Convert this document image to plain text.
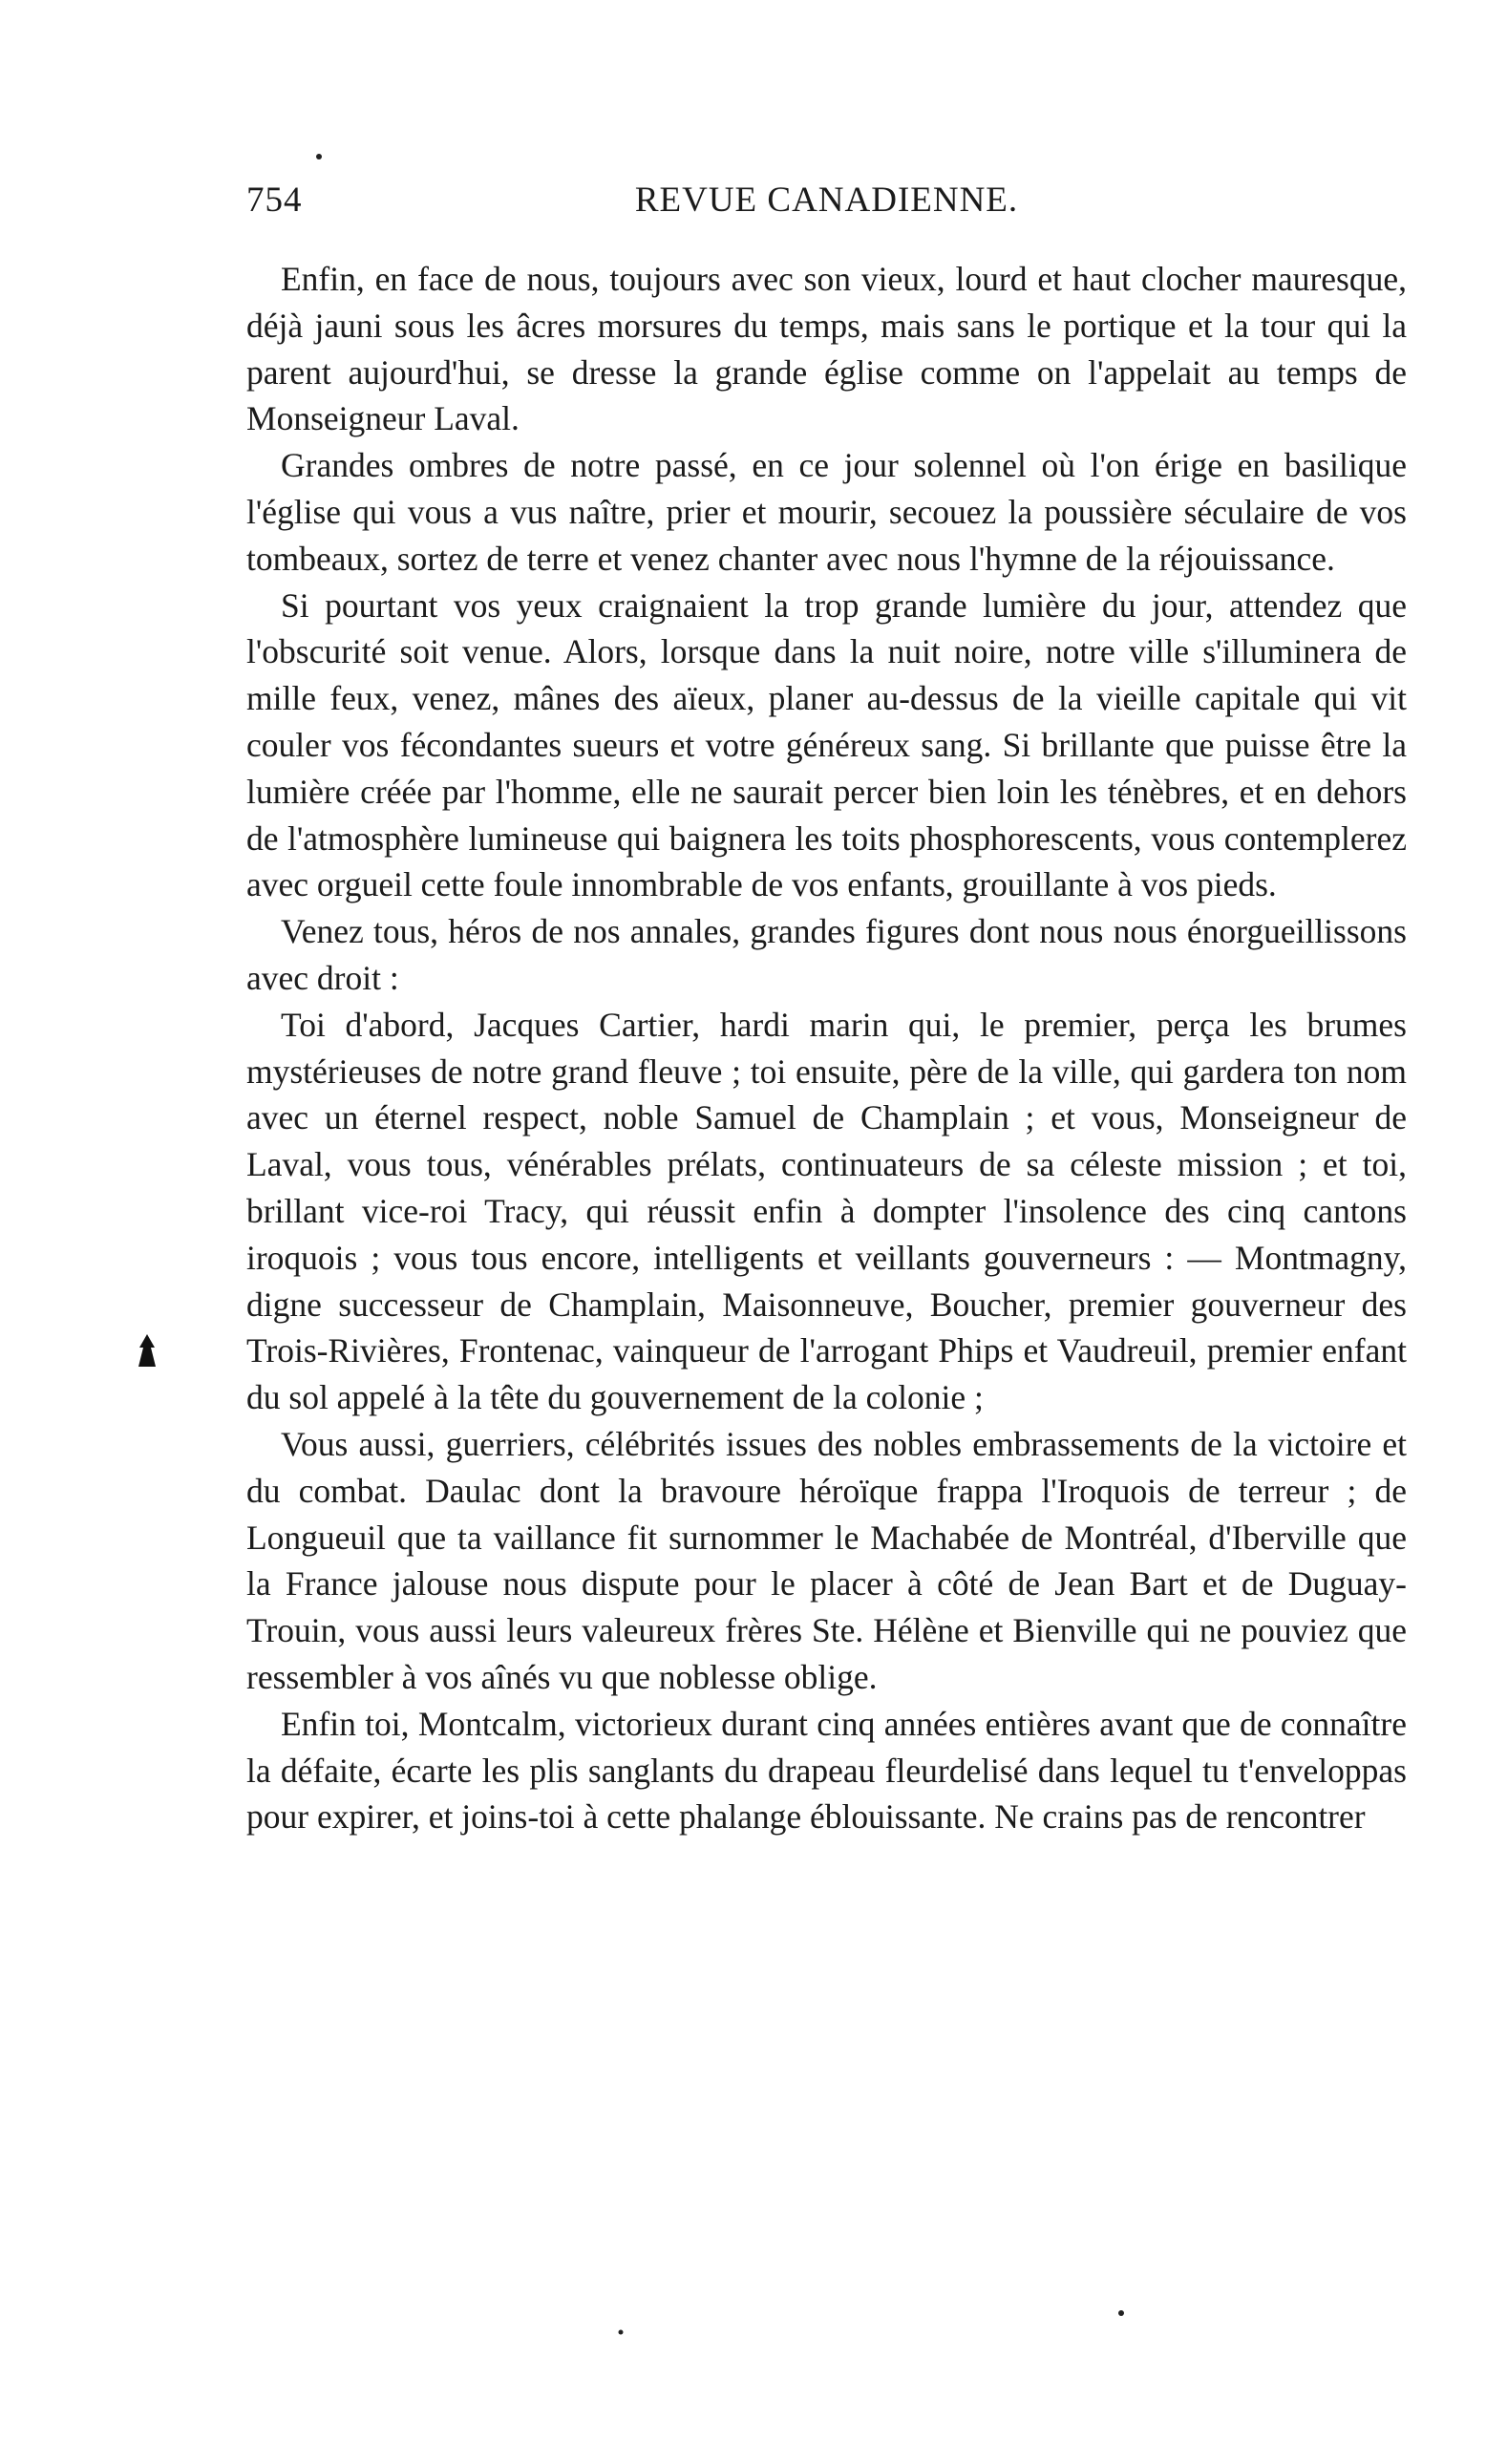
754	REVUE CANADIENNE.

Enfin, en face de nous, toujours avec son vieux, lourd et haut clocher mauresque, déjà jauni sous les âcres morsures du temps, mais sans le portique et la tour qui la parent aujourd'hui, se dresse la grande église comme on l'appelait au temps de Monseigneur Laval.

Grandes ombres de notre passé, en ce jour solennel où l'on érige en basilique l'église qui vous a vus naître, prier et mourir, secouez la poussière séculaire de vos tombeaux, sortez de terre et venez chanter avec nous l'hymne de la réjouissance.

Si pourtant vos yeux craignaient la trop grande lumière du jour, attendez que l'obscurité soit venue. Alors, lorsque dans la nuit noire, notre ville s'illuminera de mille feux, venez, mânes des aïeux, planer au-dessus de la vieille capitale qui vit couler vos fécondantes sueurs et votre généreux sang. Si brillante que puisse être la lumière créée par l'homme, elle ne saurait percer bien loin les ténèbres, et en dehors de l'atmosphère lumineuse qui baignera les toits phosphorescents, vous contemplerez avec orgueil cette foule innombrable de vos enfants, grouillante à vos pieds.

Venez tous, héros de nos annales, grandes figures dont nous nous énorgueillissons avec droit :

Toi d'abord, Jacques Cartier, hardi marin qui, le premier, perça les brumes mystérieuses de notre grand fleuve ; toi ensuite, père de la ville, qui gardera ton nom avec un éternel respect, noble Samuel de Champlain ; et vous, Monseigneur de Laval, vous tous, vénérables prélats, continuateurs de sa céleste mission ; et toi, brillant vice-roi Tracy, qui réussit enfin à dompter l'insolence des cinq cantons iroquois ; vous tous encore, intelligents et veillants gouverneurs : — Montmagny, digne successeur de Champlain, Maisonneuve, Boucher, premier gouverneur des Trois-Rivières, Frontenac, vainqueur de l'arrogant Phips et Vaudreuil, premier enfant du sol appelé à la tête du gouvernement de la colonie ;

Vous aussi, guerriers, célébrités issues des nobles embrassements de la victoire et du combat. Daulac dont la bravoure héroïque frappa l'Iroquois de terreur ; de Longueuil que ta vaillance fit surnommer le Machabée de Montréal, d'Iberville que la France jalouse nous dispute pour le placer à côté de Jean Bart et de Duguay-Trouin, vous aussi leurs valeureux frères Ste. Hélène et Bienville qui ne pouviez que ressembler à vos aînés vu que noblesse oblige.

Enfin toi, Montcalm, victorieux durant cinq années entières avant que de connaître la défaite, écarte les plis sanglants du drapeau fleurdelisé dans lequel tu t'enveloppas pour expirer, et joins-toi à cette phalange éblouissante. Ne crains pas de rencontrer
